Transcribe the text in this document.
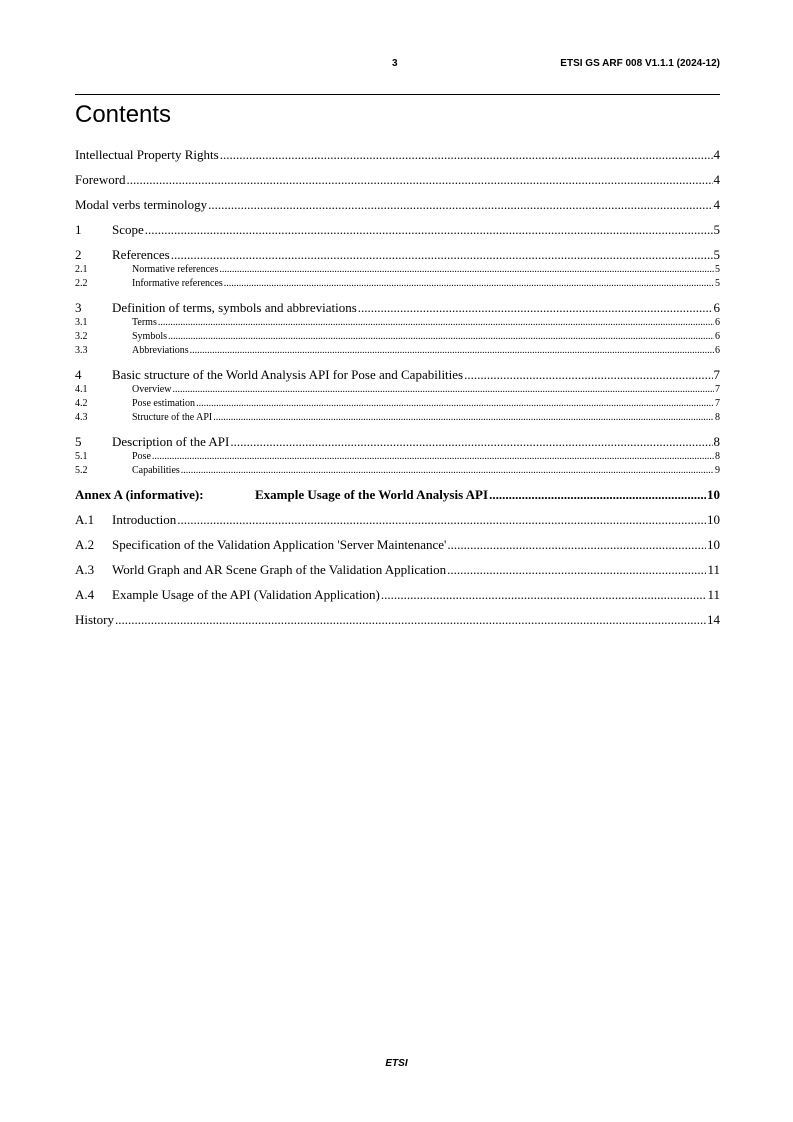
3	ETSI GS ARF 008 V1.1.1 (2024-12)
Contents
Intellectual Property Rights .....	4
Foreword .....	4
Modal verbs terminology .....	4
1	Scope .....	5
2	References .....	5
2.1	Normative references .....	5
2.2	Informative references .....	5
3	Definition of terms, symbols and abbreviations .....	6
3.1	Terms .....	6
3.2	Symbols .....	6
3.3	Abbreviations .....	6
4	Basic structure of the World Analysis API for Pose and Capabilities .....	7
4.1	Overview .....	7
4.2	Pose estimation .....	7
4.3	Structure of the API .....	8
5	Description of the API .....	8
5.1	Pose .....	8
5.2	Capabilities .....	9
Annex A (informative):	Example Usage of the World Analysis API .....	10
A.1	Introduction .....	10
A.2	Specification of the Validation Application 'Server Maintenance' .....	10
A.3	World Graph and AR Scene Graph of the Validation Application .....	11
A.4	Example Usage of the API (Validation Application) .....	11
History .....	14
ETSI
